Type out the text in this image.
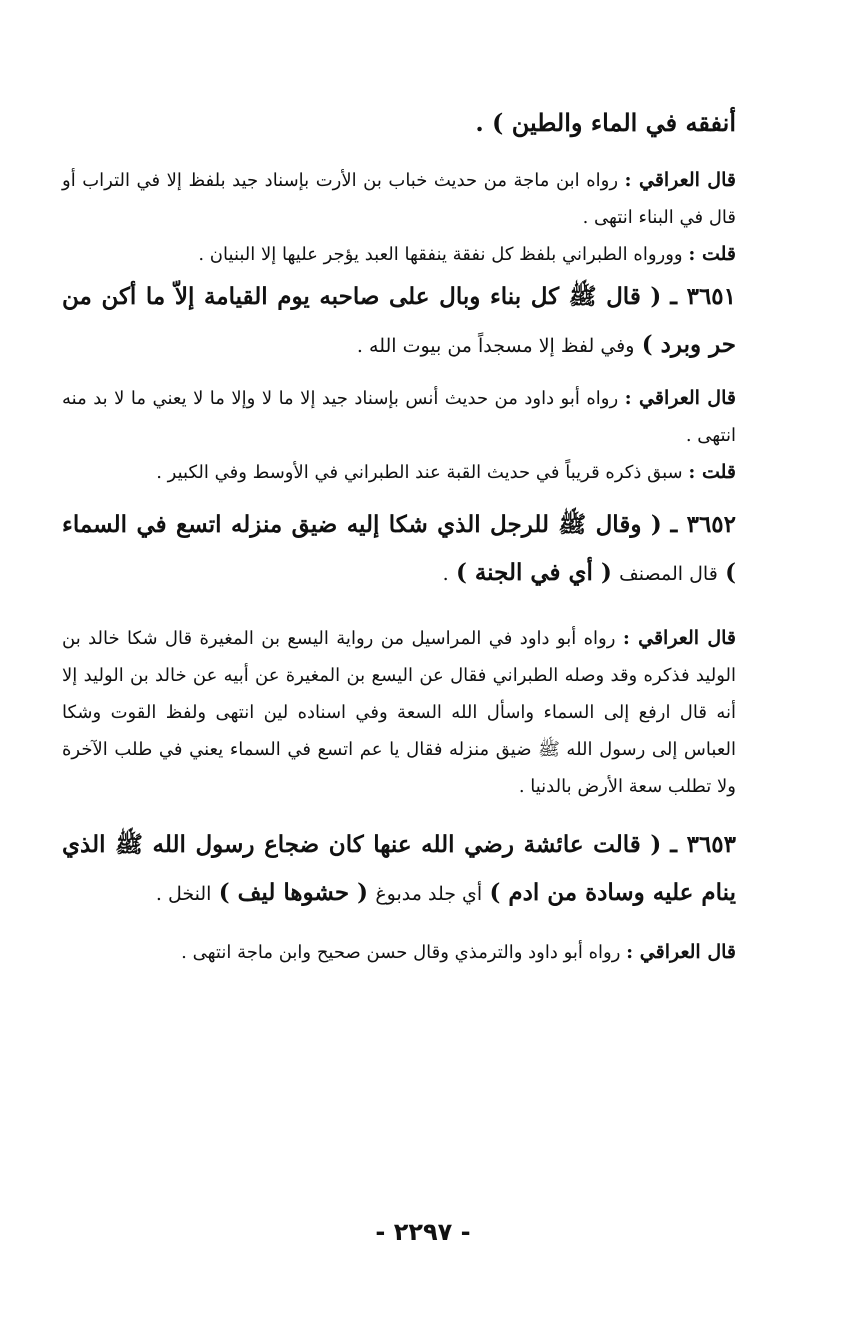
أنفقه في الماء والطين ) .

قال العراقي : رواه ابن ماجة من حديث خباب بن الأرت بإسناد جيد بلفظ إلا في التراب أو قال في البناء انتهى .

قلت : وورواه الطبراني بلفظ كل نفقة ينفقها العبد يؤجر عليها إلا البنيان .

٣٦٥١ ـ ( قال ﷺ كل بناء وبال على صاحبه يوم القيامة إلاّ ما أكن من حر وبرد ) وفي لفظ إلا مسجداً من بيوت الله .

قال العراقي : رواه أبو داود من حديث أنس بإسناد جيد إلا ما لا وإلا ما لا يعني ما لا بد منه انتهى .

قلت : سبق ذكره قريباً في حديث القبة عند الطبراني في الأوسط وفي الكبير .

٣٦٥٢ ـ ( وقال ﷺ للرجل الذي شكا إليه ضيق منزله اتسع في السماء ) قال المصنف ( أي في الجنة ) .

قال العراقي : رواه أبو داود في المراسيل من رواية اليسع بن المغيرة قال شكا خالد بن الوليد فذكره وقد وصله الطبراني فقال عن اليسع بن المغيرة عن أبيه عن خالد بن الوليد إلا أنه قال ارفع إلى السماء واسأل الله السعة وفي اسناده لين انتهى ولفظ القوت وشكا العباس إلى رسول الله ﷺ ضيق منزله فقال يا عم اتسع في السماء يعني في طلب الآخرة ولا تطلب سعة الأرض بالدنيا .

٣٦٥٣ ـ ( قالت عائشة رضي الله عنها كان ضجاع رسول الله ﷺ الذي ينام عليه وسادة من ادم ) أي جلد مدبوغ ( حشوها ليف ) النخل .

قال العراقي : رواه أبو داود والترمذي وقال حسن صحيح وابن ماجة انتهى .

- ٢٢٩٧ -
